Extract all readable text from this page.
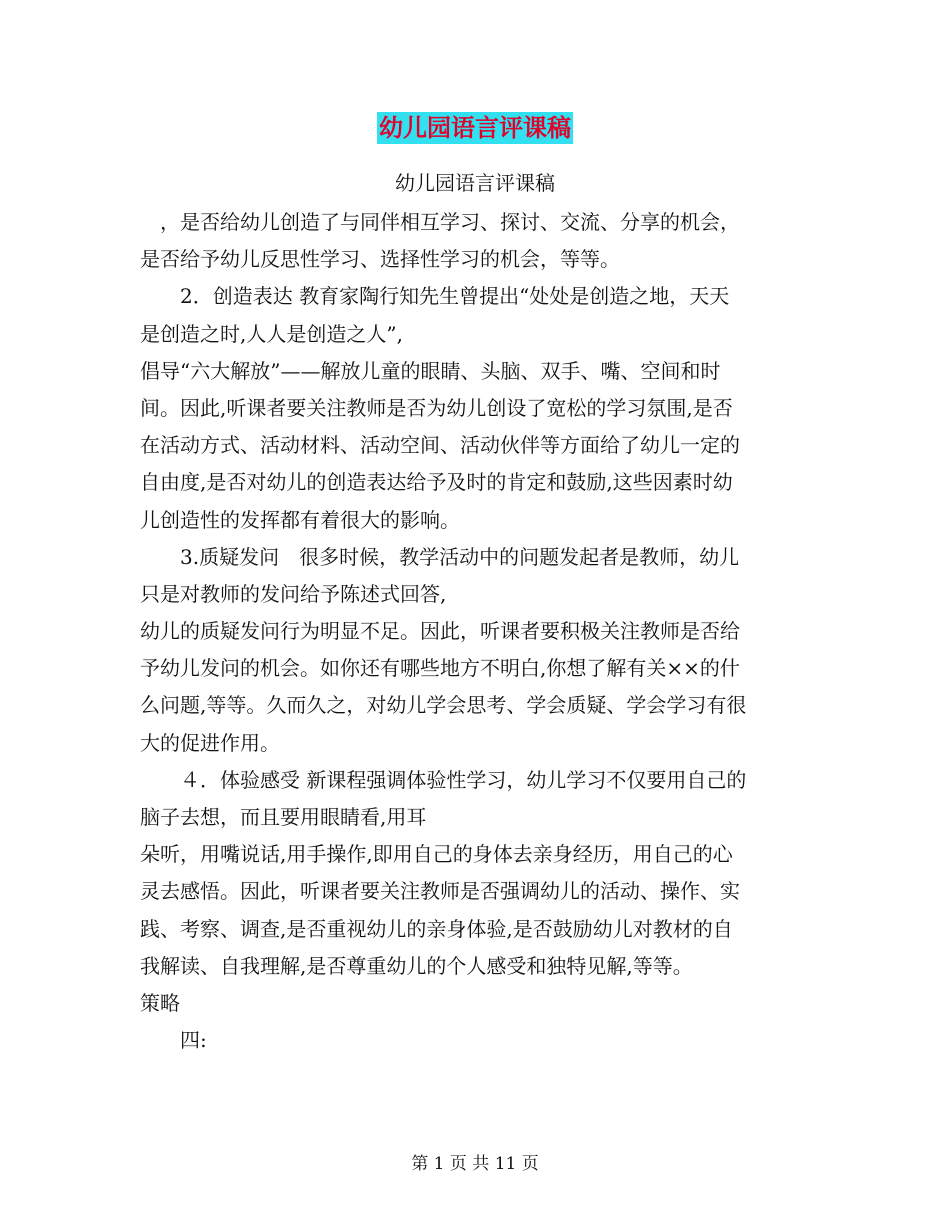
幼儿园语言评课稿
幼儿园语言评课稿
　，是否给幼儿创造了与同伴相互学习、探讨、交流、分享的机会，
是否给予幼儿反思性学习、选择性学习的机会，等等。
　　2．创造表达 教育家陶行知先生曾提出“处处是创造之地，天天
是创造之时,人人是创造之人”,
倡导“六大解放”——解放儿童的眼睛、头脑、双手、嘴、空间和时
间。因此,听课者要关注教师是否为幼儿创设了宽松的学习氛围,是否
在活动方式、活动材料、活动空间、活动伙伴等方面给了幼儿一定的
自由度,是否对幼儿的创造表达给予及时的肯定和鼓励,这些因素时幼
儿创造性的发挥都有着很大的影响。
　　3.质疑发问　很多时候，教学活动中的问题发起者是教师，幼儿
只是对教师的发问给予陈述式回答,
幼儿的质疑发问行为明显不足。因此，听课者要积极关注教师是否给
予幼儿发问的机会。如你还有哪些地方不明白,你想了解有关××的什
么问题,等等。久而久之，对幼儿学会思考、学会质疑、学会学习有很
大的促进作用。
　　４．体验感受 新课程强调体验性学习，幼儿学习不仅要用自己的
脑子去想，而且要用眼睛看,用耳
朵听，用嘴说话,用手操作,即用自己的身体去亲身经历，用自己的心
灵去感悟。因此，听课者要关注教师是否强调幼儿的活动、操作、实
践、考察、调查,是否重视幼儿的亲身体验,是否鼓励幼儿对教材的自
我解读、自我理解,是否尊重幼儿的个人感受和独特见解,等等。
策略
　　四:
第 1 页 共 11 页
